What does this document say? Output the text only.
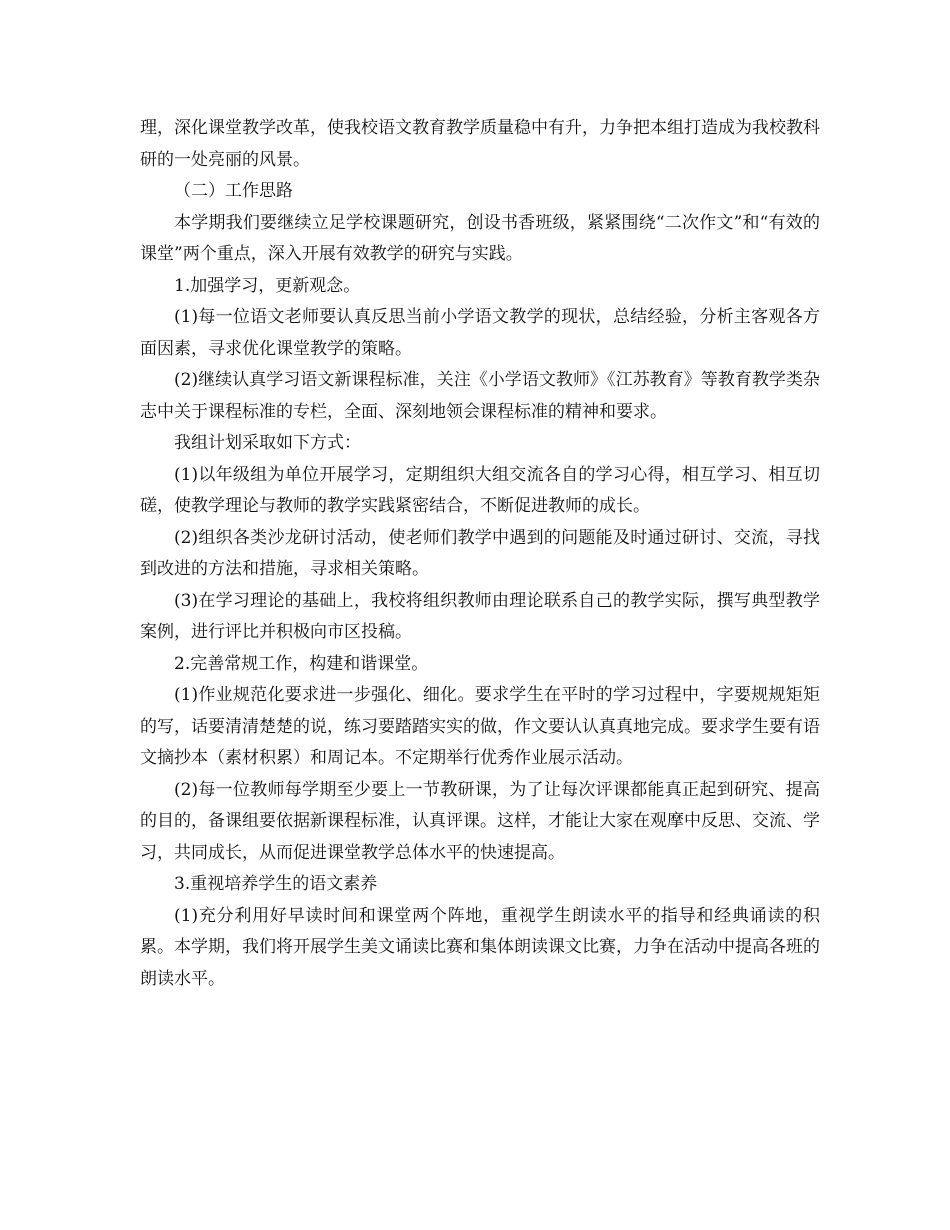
理，深化课堂教学改革，使我校语文教育教学质量稳中有升，力争把本组打造成为我校教科研的一处亮丽的风景。

（二）工作思路

本学期我们要继续立足学校课题研究，创设书香班级，紧紧围绕“二次作文”和“有效的课堂”两个重点，深入开展有效教学的研究与实践。

1.加强学习，更新观念。

(1)每一位语文老师要认真反思当前小学语文教学的现状，总结经验，分析主客观各方面因素，寻求优化课堂教学的策略。

(2)继续认真学习语文新课程标准，关注《小学语文教师》《江苏教育》等教育教学类杂志中关于课程标准的专栏，全面、深刻地领会课程标准的精神和要求。

我组计划采取如下方式：

(1)以年级组为单位开展学习，定期组织大组交流各自的学习心得，相互学习、相互切磋，使教学理论与教师的教学实践紧密结合，不断促进教师的成长。

(2)组织各类沙龙研讨活动，使老师们教学中遇到的问题能及时通过研讨、交流，寻找到改进的方法和措施，寻求相关策略。

(3)在学习理论的基础上，我校将组织教师由理论联系自己的教学实际，撰写典型教学案例，进行评比并积极向市区投稿。

2.完善常规工作，构建和谐课堂。

(1)作业规范化要求进一步强化、细化。要求学生在平时的学习过程中，字要规规矩矩的写，话要清清楚楚的说，练习要踏踏实实的做，作文要认认真真地完成。要求学生要有语文摘抄本（素材积累）和周记本。不定期举行优秀作业展示活动。

(2)每一位教师每学期至少要上一节教研课，为了让每次评课都能真正起到研究、提高的目的，备课组要依据新课程标准，认真评课。这样，才能让大家在观摩中反思、交流、学习，共同成长，从而促进课堂教学总体水平的快速提高。

3.重视培养学生的语文素养

(1)充分利用好早读时间和课堂两个阵地，重视学生朗读水平的指导和经典诵读的积累。本学期，我们将开展学生美文诵读比赛和集体朗读课文比赛，力争在活动中提高各班的朗读水平。
